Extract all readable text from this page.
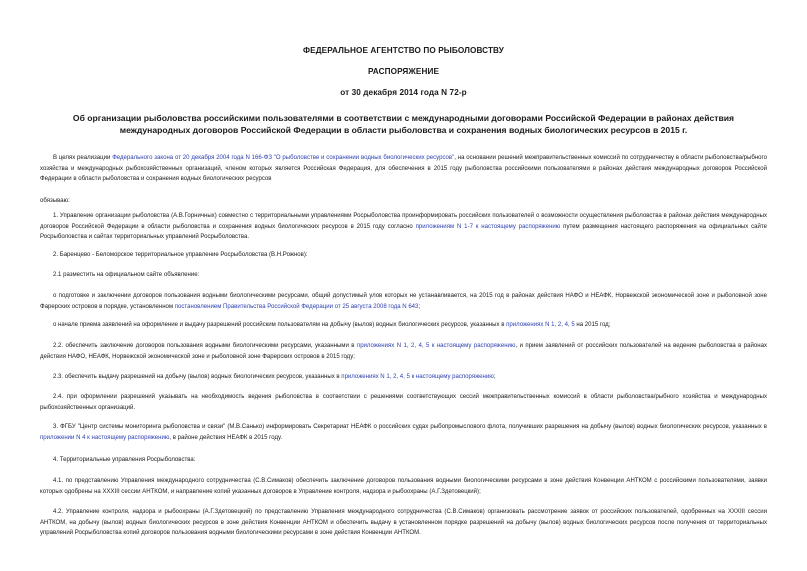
ФЕДЕРАЛЬНОЕ АГЕНТСТВО ПО РЫБОЛОВСТВУ
РАСПОРЯЖЕНИЕ
от 30 декабря 2014 года N 72-р
Об организации рыболовства российскими пользователями в соответствии с международными договорами Российской Федерации в районах действия
международных договоров Российской Федерации в области рыболовства и сохранения водных биологических ресурсов в 2015 г.

В целях реализации Федерального закона от 20 декабря 2004 года N 166-ФЗ "О рыболовстве и сохранении водных биологических ресурсов", на основании решений межправительственных комиссий по сотрудничеству в области рыболовства/рыбного хозяйства и международных рыбохозяйственных организаций, членом которых является Российская Федерация, для обеспечения в 2015 году рыболовства российскими пользователями в районах действия международных договоров Российской Федерации в области рыболовства и сохранения водных биологических ресурсов

обязываю:

1. Управление организации рыболовства (А.В.Горничных) совместно с территориальными управлениями Росрыболовства проинформировать российских пользователей о возможности осуществления рыболовства в районах действия международных договоров Российской Федерации в области рыболовства и сохранения водных биологических ресурсов в 2015 году согласно приложениям N 1-7 к настоящему распоряжению путем размещения настоящего распоряжения на официальных сайте Росрыболовства и сайтах территориальных управлений Росрыболовства.

2. Баренцево - Беломорское территориальное управление Росрыболовства (В.Н.Рожнов):

2.1 разместить на официальном сайте объявление:

о подготовке и заключении договоров пользования водными биологическими ресурсами, общий допустимый улов которых не устанавливается, на 2015 год в районах действия НАФО и НЕАФК, Норвежской экономической зоне и рыболовной зоне Фарерских островов в порядке, установленном постановлением Правительства Российской Федерации от 25 августа 2008 года N 643;

о начале приема заявлений на оформление и выдачу разрешений российским пользователям на добычу (вылов) водных биологических ресурсов, указанных в приложениях N 1, 2, 4, 5 на 2015 год;

2.2. обеспечить заключение договоров пользования водными биологическими ресурсами, указанными в приложениях N 1, 2, 4, 5 к настоящему распоряжению, и прием заявлений от российских пользователей на ведение рыболовства в районах действия НАФО, НЕАФК, Норвежской экономической зоне и рыболовной зоне Фарерских островов в 2015 году;

2.3. обеспечить выдачу разрешений на добычу (вылов) водных биологических ресурсов, указанных в приложениях N 1, 2, 4, 5 к настоящему распоряжению;

2.4. при оформлении разрешений указывать на необходимость ведения рыболовства в соответствии с решениями соответствующих сессий межправительственных комиссий в области рыболовства/рыбного хозяйства и международных рыбохозяйственных организаций.

3. ФГБУ "Центр системы мониторинга рыболовства и связи" (М.В.Санько) информировать Секретариат НЕАФК о российских судах рыбопромыслового флота, получивших разрешения на добычу (вылов) водных биологических ресурсов, указанных в приложении N 4 к настоящему распоряжению, в районе действия НЕАФК в 2015 году.

4. Территориальные управления Росрыболовства:

4.1. по представлению Управления международного сотрудничества (С.В.Симаков) обеспечить заключение договоров пользования водными биологическими ресурсами в зоне действия Конвенции АНТКОМ с российскими пользователями, заявки которых одобрены на XXXIII сессии АНТКОМ, и направление копий указанных договоров в Управление контроля, надзора и рыбоохраны (А.Г.Здетовецкий);

4.2. Управление контроля, надзора и рыбоохраны (А.Г.Здетовецкий) по представлению Управления международного сотрудничества (С.В.Симаков) организовать рассмотрение заявок от российских пользователей, одобренных на XXXIII сессии АНТКОМ, на добычу (вылов) водных биологических ресурсов в зоне действия Конвенции АНТКОМ и обеспечить выдачу в установленном порядке разрешений на добычу (вылов) водных биологических ресурсов после получения от территориальных управлений Росрыболовства копий договоров пользования водными биологическими ресурсами в зоне действия Конвенции АНТКОМ.
